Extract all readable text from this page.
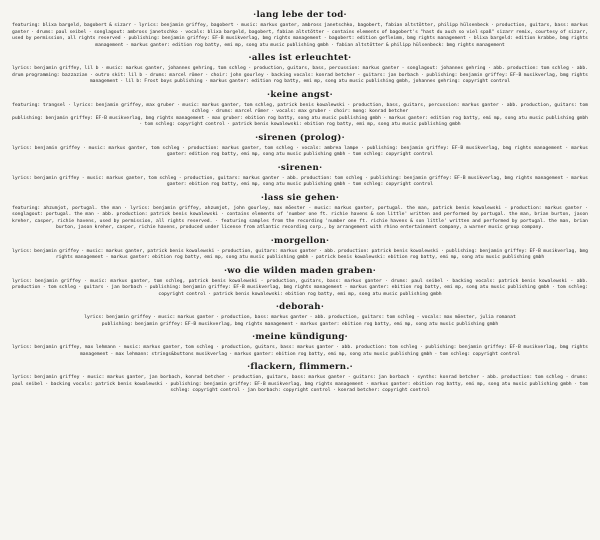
·lang lebe der tod·

featuring: blixa bargeld, bagobert & sizarr · lyrics: benjamin griffey, bagobert · music: markus ganter, ambross janetschko, bagobert, fabian altstötter, philipp hülsenbeck · production, guitars, bass: markus ganter · drums: paul seibel · songlagout: ambross janetschko · vocals: blixa bargeld, bagobert, fabian altstötter · contains elements of bagobert's "hast du auch so viel spaß" sizarr remix, courtesy of sizarr, used by permission, all rights reserved · publishing: benjamin griffey: EF-B musikverlag, bmg rights management · bagobert: edition gefleimm, bmg rights management · blixa bargeld: edition krabbe, bmg rights management · markus ganter: edition rog batty, emi mp, song atu music publishing gmbh · fabian altstötter & philipp hülsenbeck: bmg rights management

·alles ist erleuchtet·

lyrics: benjamin griffey, lil b · music: markus ganter, johannes gehring, tom schleg · production, guitars, bass, percussion: markus ganter · songlagout: johannes gehring · abb. production: tom schleg · abb. drum programming: bazzazian · outro skit: lil b · drums: marcel römer · choir: john gourley · backing vocals: konrad betcher · guitars: jan borbach · publishing: benjamin griffey: EF-B musikverlag, bmg rights management · lil b: Frost boys publishing · markus ganter: edition rog batty, emi mp, song atu music publishing gmbh, johannes gehring: copyright control

·keine angst·

featuring: trangsel · lyrics: benjamin griffey, max gruber · music: markus ganter, tom schleg, patrick benis kowalewski · production, bass, guitars, percussion: markus ganter · abb. production, guitars: tom schleg · drums: marcel römer · vocals: max gruber · choir: mong: konrad betcher

publishing: benjamin griffey: EF-B musikverlag, bmg rights management · max gruber: ebition rog batty, song atu music publishing gmbh · markus ganter: edition rog batty, emi mp, song atu music publishing gmbh · tom schleg: copyright control · patrick benis kowalewski: ebition rog batty, emi mp, song atu music publishing gmbh

·sirenen (prolog)·

lyrics: benjamin griffey · music: markus ganter, tom schleg · production: markus ganter, tom schleg · vocals: ambrea lampe · publishing: benjamin griffey: EF-B musikverlag, bmg rights management · markus ganter: edition rog batty, emi mp, song atu music publishing gmbh · tom schleg: copyright control

·sirenen·

lyrics: benjamin griffey · music: markus ganter, tom schleg · production, guitars: markus ganter · abb. production: tom schleg · publishing: benjamin griffey: EF-B musikverlag, bmg rights management · markus ganter: ebition rog batty, emi mp, song atu music publishing gmbh · tom schleg: copyright control

·lass sie gehen·

featuring: ahzumjot, portugal. the man · lyrics: benjamin griffey, ahzumjot, john gourley, max möester · music: markus ganter, portugal. the man, patrick benis kowalewski · production: markus ganter · songlagout: portugal. the man · abb. production: patrick benis kowalewski · contains elements of 'number one ft. richie havens & son little' written and performed by portugal. the man, brian burton, jason kreher, casper, richie havens, used by permission, all rights reserved. · featuring samples from the recording 'number one ft. richie havens & son little' written and performed by portugal. the man, brian burton, jason kreher, casper, richie havens, produced under license from atlantic recording corp., by arrangement with rhino entertainment company, a warner music group company.

·morgellon·

lyrics: benjamin griffey · music: markus ganter, patrick benis kowalewski · production, guitars: markus ganter · abb. production: patrick benis kowalewski · publishing: benjamin griffey: EF-B musikverlag, bmg rights management · markus ganter: ebition rog batty, emi mp, song atu music publishing gmbh · patrick benis kowalewski: ebition rog batty, emi mp, song atu music publishing gmbh

·wo die wilden maden graben·

lyrics: benjamin griffey · music: markus ganter, tom schleg, patrick benis kowalewski · production, guitars, bass: markus ganter · drums: paul seibel · backing vocals: patrick benis kowalewski · abb. production · tom schleg · guitars · jan borbach · publishing: benjamin griffey: EF-B musikverlag, bmg rights management · markus ganter: ebition rog batty, emi mp, song atu music publishing gmbh · tom schleg: copyright control · patrick benis kowalewski: ebition rog batty, emi mp, song atu music publishing gmbh

·deborah·

lyrics: benjamin griffey · music: markus ganter · production, bass: markus ganter · abb. production, guitars: tom schleg · vocals: max möester, julia romanat

publishing: benjamin griffey: EF-B musikverlag, bmg rights management · markus ganter: ebition rog batty, emi mp, song atu music publishing gmbh

·meine kündigung·

lyrics: benjamin griffey, max lehmann · music: markus ganter, tom schleg · production, guitars, bass: markus ganter · abb. production: tom schleg · publishing: benjamin griffey: EF-B musikverlag, bmg rights management · max lehmann: strings&buttons musikverlag · markus ganter: ebition rog batty, emi mp, song atu music publishing gmbh · tom schleg: copyright control

·flackern, flimmern.·

lyrics: benjamin griffey · music: markus ganter, jan borbach, konrad betcher · production, guitars, bass: markus ganter · guitars: jan borbach · synths: konrad betcher · abb. production: tom schleg · drums: paul seibel · backing vocals: patrick benis kowalewski · publishing: benjamin griffey: EF-B musikverlag, bmg rights management · markus ganter: ebition rog batty, emi mp, song atu music publishing gmbh · tom schleg: copyright control · jan borbach: copyright control · konrad betcher: copyright control
